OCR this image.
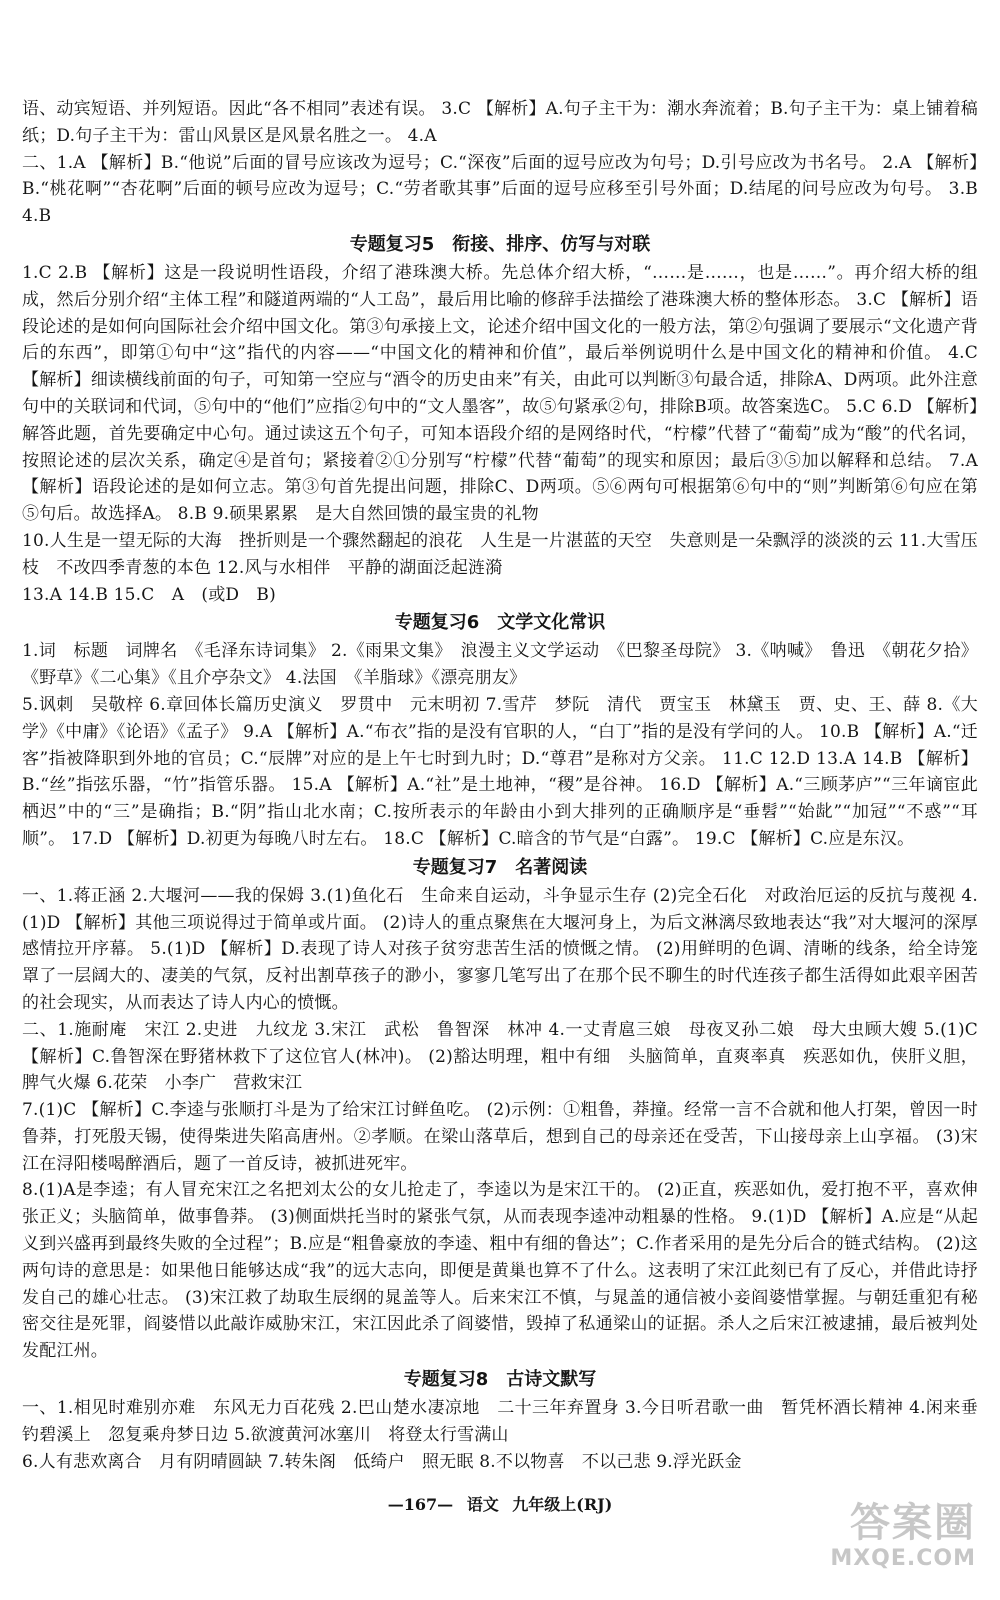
语、动宾短语、并列短语。因此“各不相同”表述有误。 3.C 【解析】A.句子主干为：潮水奔流着；B.句子主干为：桌上铺着稿纸；D.句子主干为：雷山风景区是风景名胜之一。 4.A

二、1.A 【解析】B.“他说”后面的冒号应该改为逗号；C.“深夜”后面的逗号应改为句号；D.引号应改为书名号。 2.A 【解析】B.“桃花啊”“杏花啊”后面的顿号应改为逗号；C.“劳者歌其事”后面的逗号应移至引号外面；D.结尾的问号应改为句号。 3.B 4.B

专题复习5　衔接、排序、仿写与对联

1.C 2.B 【解析】这是一段说明性语段，介绍了港珠澳大桥。先总体介绍大桥，“……是……，也是……”。再介绍大桥的组成，然后分别介绍“主体工程”和隧道两端的“人工岛”，最后用比喻的修辞手法描绘了港珠澳大桥的整体形态。 3.C 【解析】语段论述的是如何向国际社会介绍中国文化。第③句承接上文，论述介绍中国文化的一般方法，第②句强调了要展示“文化遗产背后的东西”，即第①句中“这”指代的内容——“中国文化的精神和价值”，最后举例说明什么是中国文化的精神和价值。 4.C 【解析】细读横线前面的句子，可知第一空应与“酒令的历史由来”有关，由此可以判断③句最合适，排除A、D两项。此外注意句中的关联词和代词，⑤句中的“他们”应指②句中的“文人墨客”，故⑤句紧承②句，排除B项。故答案选C。 5.C 6.D 【解析】解答此题，首先要确定中心句。通过读这五个句子，可知本语段介绍的是网络时代，“柠檬”代替了“葡萄”成为“酸”的代名词，按照论述的层次关系，确定④是首句；紧接着②①分别写“柠檬”代替“葡萄”的现实和原因；最后③⑤加以解释和总结。 7.A 【解析】语段论述的是如何立志。第③句首先提出问题，排除C、D两项。⑤⑥两句可根据第⑥句中的“则”判断第⑥句应在第⑤句后。故选择A。 8.B 9.硕果累累　是大自然回馈的最宝贵的礼物

10.人生是一望无际的大海　挫折则是一个骤然翻起的浪花　人生是一片湛蓝的天空　失意则是一朵飘浮的淡淡的云 11.大雪压枝　不改四季青葱的本色 12.风与水相伴　平静的湖面泛起涟漪

13.A 14.B 15.C　A　(或D　B)

专题复习6　文学文化常识

1.词　标题　词牌名　《毛泽东诗词集》 2.《雨果文集》　浪漫主义文学运动　《巴黎圣母院》 3.《呐喊》　鲁迅　《朝花夕拾》《野草》《二心集》《且介亭杂文》 4.法国　《羊脂球》《漂亮朋友》

5.讽刺　吴敬梓 6.章回体长篇历史演义　罗贯中　元末明初 7.雪芹　梦阮　清代　贾宝玉　林黛玉　贾、史、王、薛 8.《大学》《中庸》《论语》《孟子》 9.A 【解析】A.“布衣”指的是没有官职的人，“白丁”指的是没有学问的人。 10.B 【解析】A.“迁客”指被降职到外地的官员；C.“辰牌”对应的是上午七时到九时；D.“尊君”是称对方父亲。 11.C 12.D 13.A 14.B 【解析】B.“丝”指弦乐器，“竹”指管乐器。 15.A 【解析】A.“社”是土地神，“稷”是谷神。 16.D 【解析】A.“三顾茅庐”“三年谪宦此栖迟”中的“三”是确指；B.“阴”指山北水南；C.按所表示的年龄由小到大排列的正确顺序是“垂髫”“始龀”“加冠”“不惑”“耳顺”。 17.D 【解析】D.初更为每晚八时左右。 18.C 【解析】C.暗含的节气是“白露”。 19.C 【解析】C.应是东汉。

专题复习7　名著阅读

一、1.蒋正涵 2.大堰河——我的保姆 3.(1)鱼化石　生命来自运动，斗争显示生存 (2)完全石化　对政治厄运的反抗与蔑视 4.(1)D 【解析】其他三项说得过于简单或片面。 (2)诗人的重点聚焦在大堰河身上，为后文淋漓尽致地表达“我”对大堰河的深厚感情拉开序幕。 5.(1)D 【解析】D.表现了诗人对孩子贫穷悲苦生活的愤慨之情。 (2)用鲜明的色调、清晰的线条，给全诗笼罩了一层阔大的、凄美的气氛，反衬出割草孩子的渺小，寥寥几笔写出了在那个民不聊生的时代连孩子都生活得如此艰辛困苦的社会现实，从而表达了诗人内心的愤慨。

二、1.施耐庵　宋江 2.史进　九纹龙 3.宋江　武松　鲁智深　林冲 4.一丈青扈三娘　母夜叉孙二娘　母大虫顾大嫂 5.(1)C 【解析】C.鲁智深在野猪林救下了这位官人(林冲)。 (2)豁达明理，粗中有细　头脑简单，直爽率真　疾恶如仇，侠肝义胆，脾气火爆 6.花荣　小李广　营救宋江

7.(1)C 【解析】C.李逵与张顺打斗是为了给宋江讨鲜鱼吃。 (2)示例：①粗鲁，莽撞。经常一言不合就和他人打架，曾因一时鲁莽，打死殷天锡，使得柴进失陷高唐州。②孝顺。在梁山落草后，想到自己的母亲还在受苦，下山接母亲上山享福。 (3)宋江在浔阳楼喝醉酒后，题了一首反诗，被抓进死牢。

8.(1)A是李逵；有人冒充宋江之名把刘太公的女儿抢走了，李逵以为是宋江干的。 (2)正直，疾恶如仇，爱打抱不平，喜欢伸张正义；头脑简单，做事鲁莽。 (3)侧面烘托当时的紧张气氛，从而表现李逵冲动粗暴的性格。 9.(1)D 【解析】A.应是“从起义到兴盛再到最终失败的全过程”；B.应是“粗鲁豪放的李逵、粗中有细的鲁达”；C.作者采用的是先分后合的链式结构。 (2)这两句诗的意思是：如果他日能够达成“我”的远大志向，即便是黄巢也算不了什么。这表明了宋江此刻已有了反心，并借此诗抒发自己的雄心壮志。 (3)宋江救了劫取生辰纲的晁盖等人。后来宋江不慎，与晁盖的通信被小妾阎婆惜掌握。与朝廷重犯有秘密交往是死罪，阎婆惜以此敲诈威胁宋江，宋江因此杀了阎婆惜，毁掉了私通梁山的证据。杀人之后宋江被逮捕，最后被判处发配江州。

专题复习8　古诗文默写

一、1.相见时难别亦难　东风无力百花残 2.巴山楚水凄凉地　二十三年弃置身 3.今日听君歌一曲　暂凭杯酒长精神 4.闲来垂钓碧溪上　忽复乘舟梦日边 5.欲渡黄河冰塞川　将登太行雪满山

6.人有悲欢离合　月有阴晴圆缺 7.转朱阁　低绮户　照无眠 8.不以物喜　不以己悲 9.浮光跃金

—167— 语文 九年级上(RJ)	答案圈
MXQE.COM
